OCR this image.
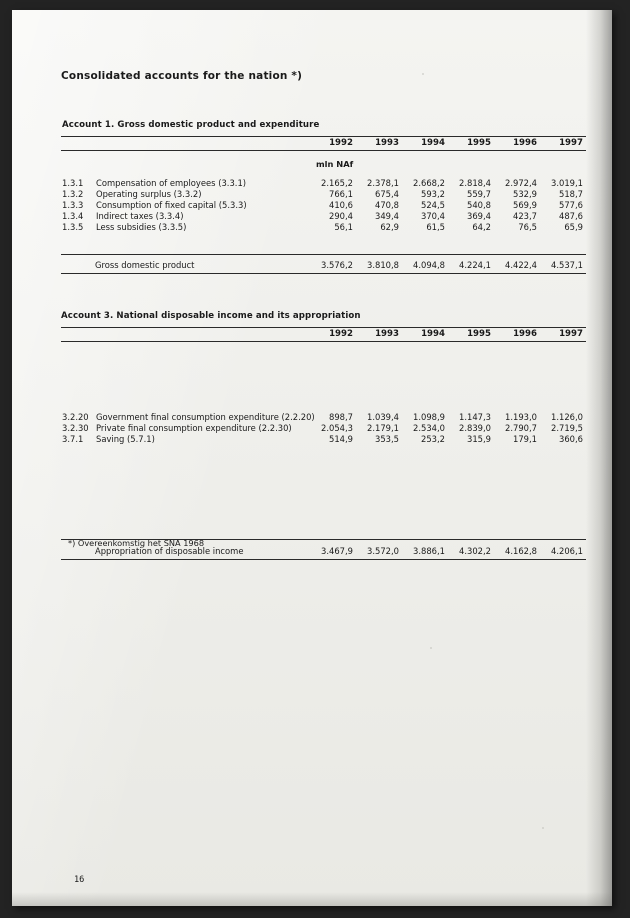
Consolidated accounts for the nation *)
Account 1. Gross domestic product and expenditure

	1992	1993	1994	1995	1996	1997
	mln NAf					

1.3.1 Compensation of employees (3.3.1)	2.165,2	2.378,1	2.668,2	2.818,4	2.972,4	3.019,1
1.3.2 Operating surplus (3.3.2)	766,1	675,4	593,2	559,7	532,9	518,7
1.3.3 Consumption of fixed capital (5.3.3)	410,6	470,8	524,5	540,8	569,9	577,6
1.3.4 Indirect taxes (3.3.4)	290,4	349,4	370,4	369,4	423,7	487,6
1.3.5 Less subsidies (3.3.5)	56,1	62,9	61,5	64,2	76,5	65,9

Gross domestic product	3.576,2	3.810,8	4.094,8	4.224,1	4.422,4	4.537,1
Account 3. National disposable income and its appropriation

	1992	1993	1994	1995	1996	1997

3.2.20 Government final consumption expenditure (2.2.20)	898,7	1.039,4	1.098,9	1.147,3	1.193,0	1.126,0
3.2.30 Private final consumption expenditure (2.2.30)	2.054,3	2.179,1	2.534,0	2.839,0	2.790,7	2.719,5
3.7.1 Saving (5.7.1)	514,9	353,5	253,2	315,9	179,1	360,6

Appropriation of disposable income	3.467,9	3.572,0	3.886,1	4.302,2	4.162,8	4.206,1
*) Overeenkomstig het SNA 1968
16
